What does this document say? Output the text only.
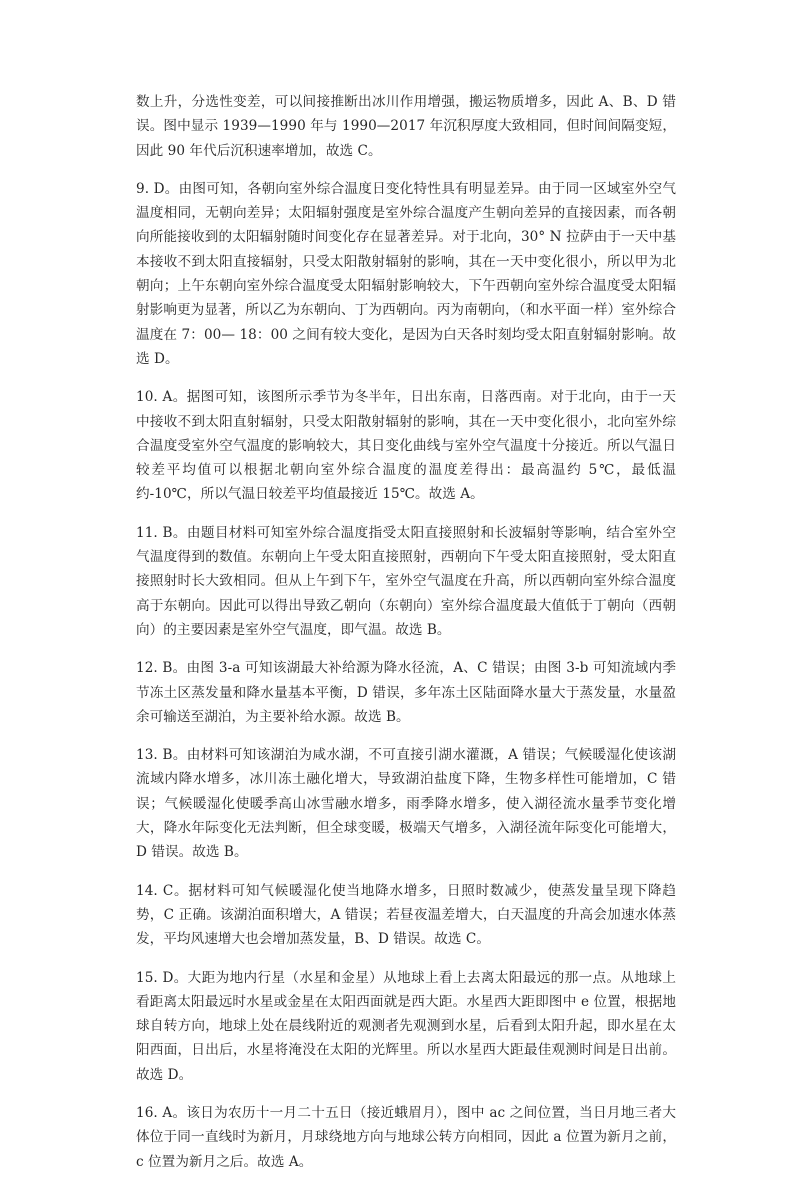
数上升，分选性变差，可以间接推断出冰川作用增强，搬运物质增多，因此 A、B、D 错误。图中显示 1939—1990 年与 1990—2017 年沉积厚度大致相同，但时间间隔变短，因此 90 年代后沉积速率增加，故选 C。

9. D。由图可知，各朝向室外综合温度日变化特性具有明显差异。由于同一区域室外空气温度相同，无朝向差异；太阳辐射强度是室外综合温度产生朝向差异的直接因素，而各朝向所能接收到的太阳辐射随时间变化存在显著差异。对于北向，30° N 拉萨由于一天中基本接收不到太阳直接辐射，只受太阳散射辐射的影响，其在一天中变化很小，所以甲为北朝向；上午东朝向室外综合温度受太阳辐射影响较大，下午西朝向室外综合温度受太阳辐射影响更为显著，所以乙为东朝向、丁为西朝向。丙为南朝向，（和水平面一样）室外综合温度在 7：00— 18：00 之间有较大变化，是因为白天各时刻均受太阳直射辐射影响。故选 D。

10. A。据图可知，该图所示季节为冬半年，日出东南，日落西南。对于北向，由于一天中接收不到太阳直射辐射，只受太阳散射辐射的影响，其在一天中变化很小，北向室外综合温度受室外空气温度的影响较大，其日变化曲线与室外空气温度十分接近。所以气温日较差平均值可以根据北朝向室外综合温度的温度差得出：最高温约 5℃，最低温约-10℃，所以气温日较差平均值最接近 15℃。故选 A。

11. B。由题目材料可知室外综合温度指受太阳直接照射和长波辐射等影响，结合室外空气温度得到的数值。东朝向上午受太阳直接照射，西朝向下午受太阳直接照射，受太阳直接照射时长大致相同。但从上午到下午，室外空气温度在升高，所以西朝向室外综合温度高于东朝向。因此可以得出导致乙朝向（东朝向）室外综合温度最大值低于丁朝向（西朝向）的主要因素是室外空气温度，即气温。故选 B。

12. B。由图 3-a 可知该湖最大补给源为降水径流，A、C 错误；由图 3-b 可知流域内季节冻土区蒸发量和降水量基本平衡，D 错误，多年冻土区陆面降水量大于蒸发量，水量盈余可输送至湖泊，为主要补给水源。故选 B。

13. B。由材料可知该湖泊为咸水湖，不可直接引湖水灌溉，A 错误；气候暖湿化使该湖流域内降水增多，冰川冻土融化增大，导致湖泊盐度下降，生物多样性可能增加，C 错误；气候暖湿化使暖季高山冰雪融水增多，雨季降水增多，使入湖径流水量季节变化增大，降水年际变化无法判断，但全球变暖，极端天气增多，入湖径流年际变化可能增大，D 错误。故选 B。

14. C。据材料可知气候暖湿化使当地降水增多，日照时数减少，使蒸发量呈现下降趋势，C 正确。该湖泊面积增大，A 错误；若昼夜温差增大，白天温度的升高会加速水体蒸发，平均风速增大也会增加蒸发量，B、D 错误。故选 C。

15. D。大距为地内行星（水星和金星）从地球上看上去离太阳最远的那一点。从地球上看距离太阳最远时水星或金星在太阳西面就是西大距。水星西大距即图中 e 位置，根据地球自转方向，地球上处在晨线附近的观测者先观测到水星，后看到太阳升起，即水星在太阳西面，日出后，水星将淹没在太阳的光辉里。所以水星西大距最佳观测时间是日出前。故选 D。

16. A。该日为农历十一月二十五日（接近蛾眉月），图中 ac 之间位置，当日月地三者大体位于同一直线时为新月，月球绕地方向与地球公转方向相同，因此 a 位置为新月之前，c 位置为新月之后。故选 A。
